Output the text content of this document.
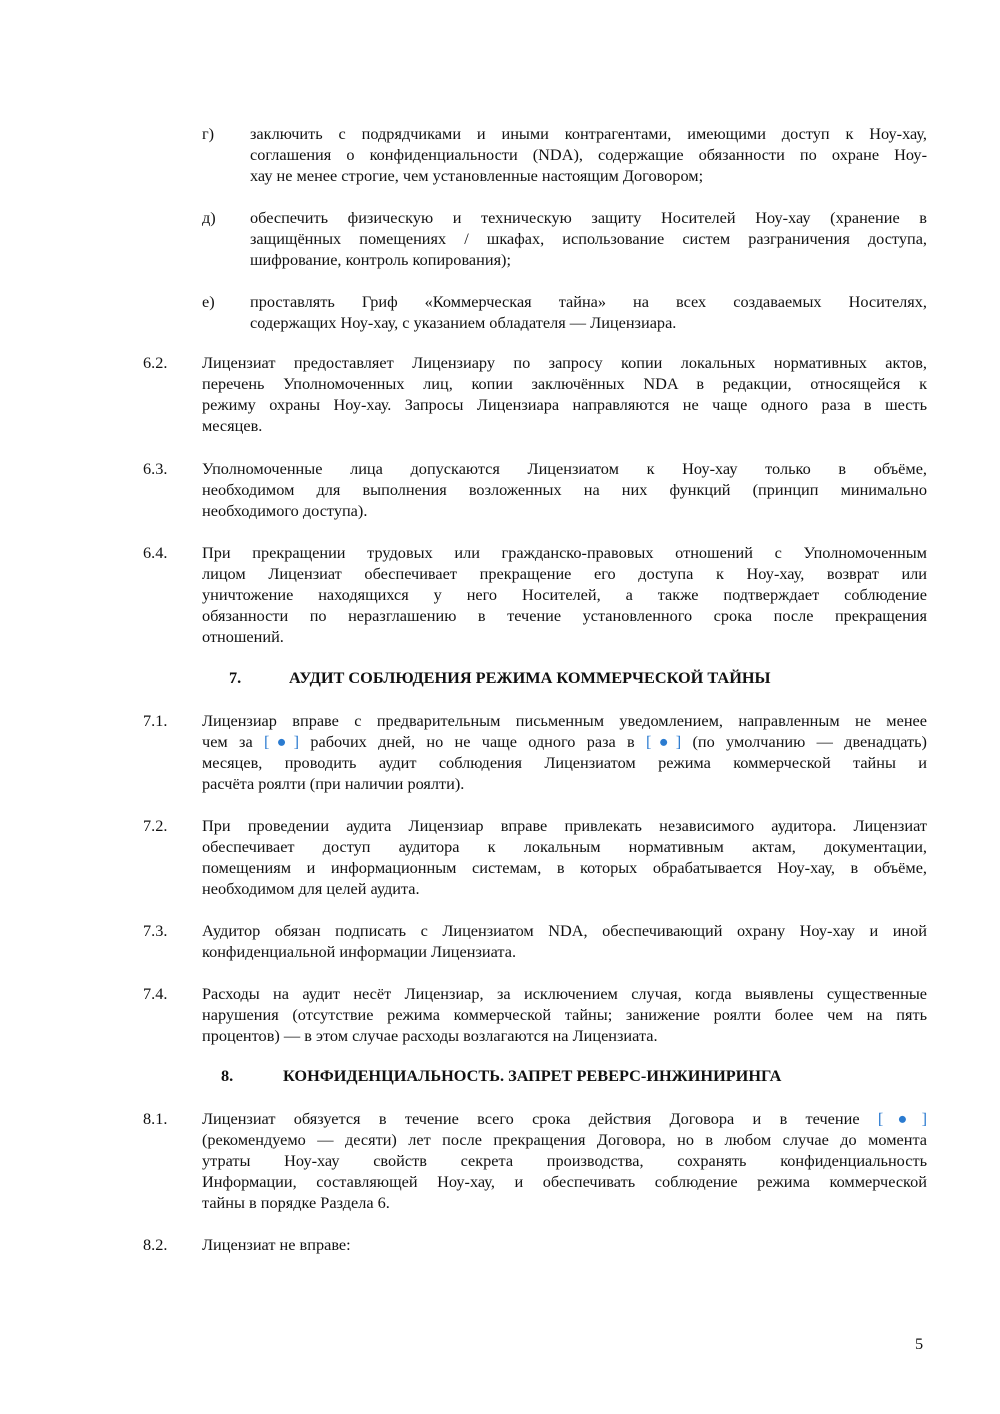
г)	заключить с подрядчиками и иными контрагентами, имеющими доступ к Ноу-хау,
соглашения о конфиденциальности (NDA), содержащие обязанности по охране Ноу-
хау не менее строгие, чем установленные настоящим Договором;
д)	обеспечить физическую и техническую защиту Носителей Ноу-хау (хранение в
защищённых помещениях / шкафах, использование систем разграничения доступа,
шифрование, контроль копирования);
е)	проставлять Гриф «Коммерческая тайна» на всех создаваемых Носителях,
содержащих Ноу-хау, с указанием обладателя — Лицензиара.
6.2.	Лицензиат предоставляет Лицензиару по запросу копии локальных нормативных актов,
перечень Уполномоченных лиц, копии заключённых NDA в редакции, относящейся к
режиму охраны Ноу-хау. Запросы Лицензиара направляются не чаще одного раза в шесть
месяцев.
6.3.	Уполномоченные лица допускаются Лицензиатом к Ноу-хау только в объёме,
необходимом для выполнения возложенных на них функций (принцип минимально
необходимого доступа).
6.4.	При прекращении трудовых или гражданско-правовых отношений с Уполномоченным
лицом Лицензиат обеспечивает прекращение его доступа к Ноу-хау, возврат или
уничтожение находящихся у него Носителей, а также подтверждает соблюдение
обязанности по неразглашению в течение установленного срока после прекращения
отношений.
7.	АУДИТ СОБЛЮДЕНИЯ РЕЖИМА КОММЕРЧЕСКОЙ ТАЙНЫ
7.1.	Лицензиар вправе с предварительным письменным уведомлением, направленным не менее
чем за [●] рабочих дней, но не чаще одного раза в [●] (по умолчанию — двенадцать)
месяцев, проводить аудит соблюдения Лицензиатом режима коммерческой тайны и
расчёта роялти (при наличии роялти).
7.2.	При проведении аудита Лицензиар вправе привлекать независимого аудитора. Лицензиат
обеспечивает доступ аудитора к локальным нормативным актам, документации,
помещениям и информационным системам, в которых обрабатывается Ноу-хау, в объёме,
необходимом для целей аудита.
7.3.	Аудитор обязан подписать с Лицензиатом NDA, обеспечивающий охрану Ноу-хау и иной
конфиденциальной информации Лицензиата.
7.4.	Расходы на аудит несёт Лицензиар, за исключением случая, когда выявлены существенные
нарушения (отсутствие режима коммерческой тайны; занижение роялти более чем на пять
процентов) — в этом случае расходы возлагаются на Лицензиата.
8.	КОНФИДЕНЦИАЛЬНОСТЬ. ЗАПРЕТ РЕВЕРС-ИНЖИНИРИНГА
8.1.	Лицензиат обязуется в течение всего срока действия Договора и в течение [●]
(рекомендуемо — десяти) лет после прекращения Договора, но в любом случае до момента
утраты Ноу-хау свойств секрета производства, сохранять конфиденциальность
Информации, составляющей Ноу-хау, и обеспечивать соблюдение режима коммерческой
тайны в порядке Раздела 6.
8.2.	Лицензиат не вправе:
5
